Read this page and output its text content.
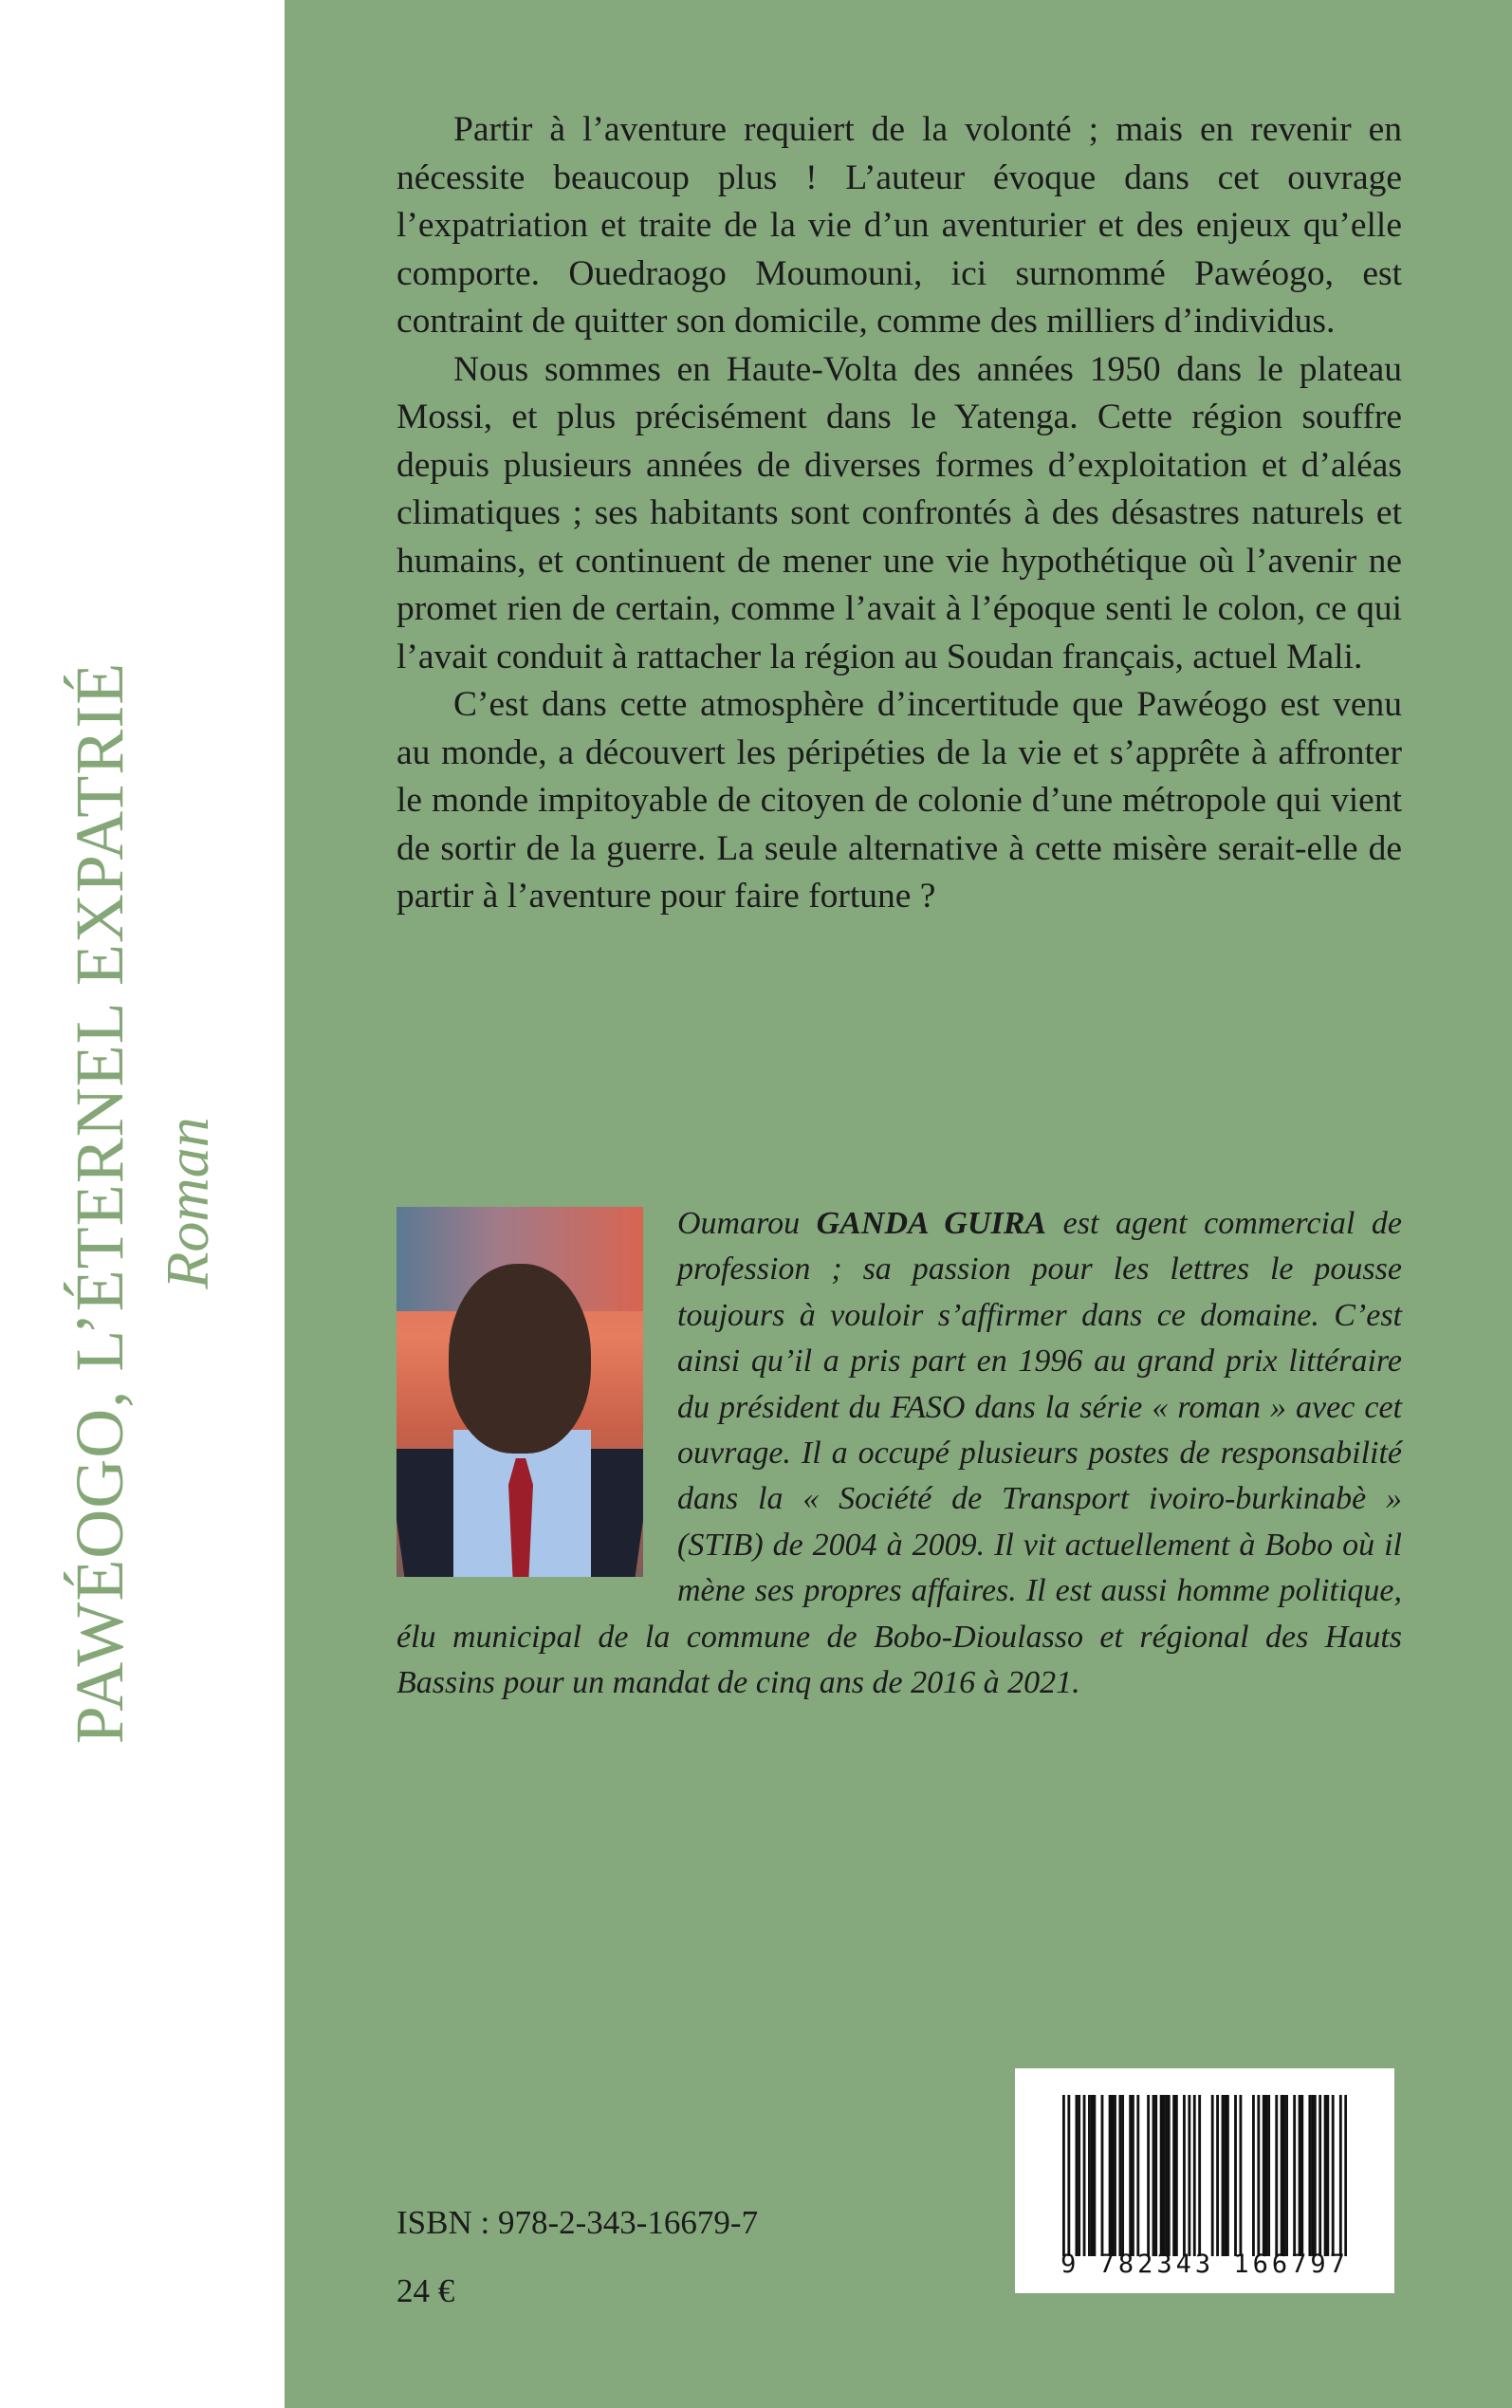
PAWÉOGO, L’ÉTERNEL EXPATRIÉ Roman

Partir à l’aventure requiert de la volonté ; mais en revenir en nécessite beaucoup plus ! L’auteur évoque dans cet ouvrage l’expatriation et traite de la vie d’un aventurier et des enjeux qu’elle comporte. Ouedraogo Moumouni, ici surnommé Pawéogo, est contraint de quitter son domicile, comme des milliers d’individus.

Nous sommes en Haute-Volta des années 1950 dans le plateau Mossi, et plus précisément dans le Yatenga. Cette région souffre depuis plusieurs années de diverses formes d’exploitation et d’aléas climatiques ; ses habitants sont confrontés à des désastres naturels et humains, et continuent de mener une vie hypothétique où l’avenir ne promet rien de certain, comme l’avait à l’époque senti le colon, ce qui l’avait conduit à rattacher la région au Soudan français, actuel Mali.

C’est dans cette atmosphère d’incertitude que Pawéogo est venu au monde, a découvert les péripéties de la vie et s’apprête à affronter le monde impitoyable de citoyen de colonie d’une métropole qui vient de sortir de la guerre. La seule alternative à cette misère serait-elle de partir à l’aventure pour faire fortune ?

Oumarou GANDA GUIRA est agent commercial de profession ; sa passion pour les lettres le pousse toujours à vouloir s’affirmer dans ce domaine. C’est ainsi qu’il a pris part en 1996 au grand prix littéraire du président du FASO dans la série « roman » avec cet ouvrage. Il a occupé plusieurs postes de responsabilité dans la « Société de Transport ivoiro-burkinabè » (STIB) de 2004 à 2009. Il vit actuellement à Bobo où il mène ses propres affaires. Il est aussi homme politique, élu municipal de la commune de Bobo-Dioulasso et régional des Hauts Bassins pour un mandat de cinq ans de 2016 à 2021.
ISBN : 978-2-343-16679-7
24 €
9 782343 166797
